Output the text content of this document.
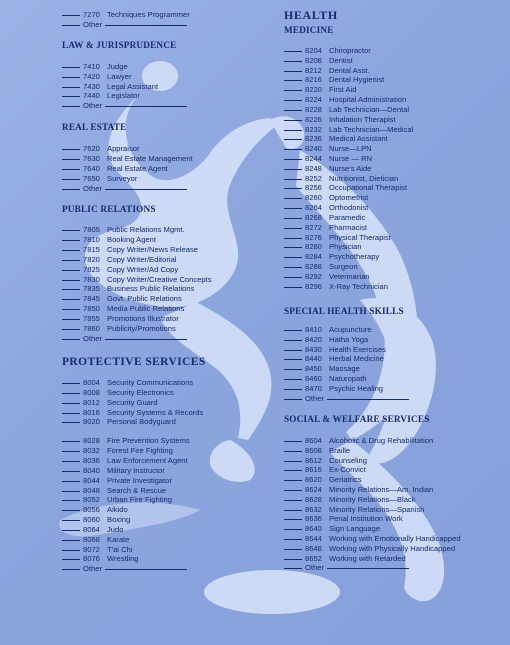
7270 Techniques Programmer
Other
LAW & JURISPRUDENCE
7410 Judge
7420 Lawyer
7430 Legal Assistant
7440 Legislator
Other
REAL ESTATE
7620 Appraisor
7630 Real Estate Management
7640 Real Estate Agent
7650 Surveyor
Other
PUBLIC RELATIONS
7805 Public Relations Mgmt.
7810 Booking Agent
7815 Copy Writer/News Release
7820 Copy Writer/Editorial
7825 Copy Writer/Ad Copy
7830 Copy Writer/Creative Concepts
7835 Business Public Relations
7845 Govt. Public Relations
7850 Media Public Relations
7855 Promotions Illustrator
7860 Publicity/Promotions
Other
PROTECTIVE SERVICES
8004 Security Communications
8008 Security Electronics
8012 Security Guard
8016 Security Systems & Records
8020 Personal Bodyguard
8028 Fire Prevention Systems
8032 Forest Fire Fighting
8036 Law Enforcement Agent
8040 Military Instructor
8044 Private Investigator
8048 Search & Rescue
8052 Urban Fire Fighting
8056 Aikido
8060 Boxing
8064 Judo
8068 Karate
8072 T'ai Chi
8076 Wrestling
Other
HEALTH
MEDICINE
8204 Chiropractor
8208 Dentist
8212 Dental Asst.
8216 Dental Hygienist
8220 First Aid
8224 Hospital Administration
8228 Lab Technician—Dental
8226 Inhalation Therapist
8232 Lab Technician—Medical
8236 Medical Assistant
8240 Nurse—LPN
8244 Nurse — RN
8248 Nurse's Aide
8252 Nutritionist, Dietician
8256 Occupational Therapist
8260 Optometrist
8264 Orthodonist
8268 Paramedic
8272 Pharmacist
8276 Physical Therapist
8280 Physician
8284 Psychotherapy
8288 Surgeon
8292 Veterinarian
8296 X-Ray Technician
SPECIAL HEALTH SKILLS
8410 Acupuncture
8420 Hatha Yoga
8430 Health Exercises
8440 Herbal Medicine
8450 Massage
8460 Naturopath
8470 Psychic Healing
Other
SOCIAL & WELFARE SERVICES
8604 Alcoholic & Drug Rehabilitation
8608 Braille
8612 Counseling
8616 Ex-Convict
8620 Geriatrics
8624 Minority Relations—Am. Indian
8628 Minority Relations—Black
8632 Minority Relations—Spanish
8636 Penal Institution Work
8640 Sign Language
8644 Working with Emotionally Handicapped
8648 Working with Physically Handicapped
8652 Working with Retarded
Other
